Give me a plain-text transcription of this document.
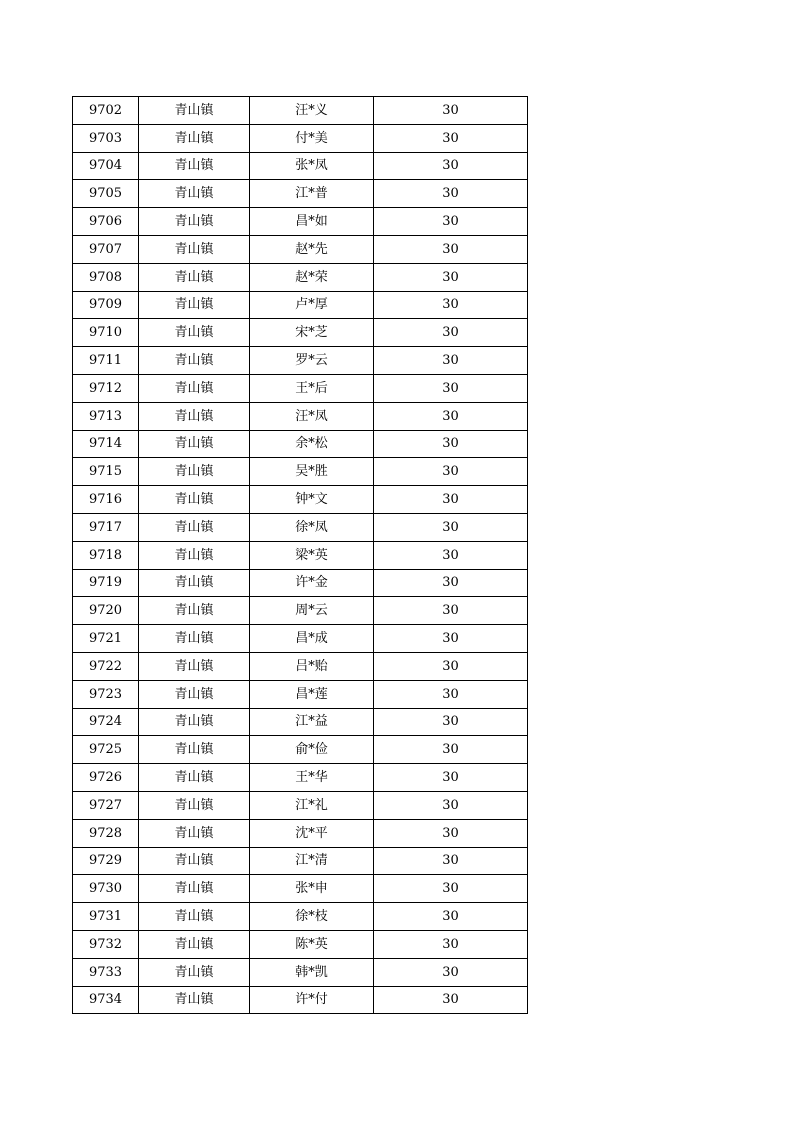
9702	青山镇	汪*义	30
9703	青山镇	付*美	30
9704	青山镇	张*凤	30
9705	青山镇	江*普	30
9706	青山镇	昌*如	30
9707	青山镇	赵*先	30
9708	青山镇	赵*荣	30
9709	青山镇	卢*厚	30
9710	青山镇	宋*芝	30
9711	青山镇	罗*云	30
9712	青山镇	王*后	30
9713	青山镇	汪*凤	30
9714	青山镇	余*松	30
9715	青山镇	吴*胜	30
9716	青山镇	钟*文	30
9717	青山镇	徐*凤	30
9718	青山镇	梁*英	30
9719	青山镇	许*金	30
9720	青山镇	周*云	30
9721	青山镇	昌*成	30
9722	青山镇	吕*贻	30
9723	青山镇	昌*莲	30
9724	青山镇	江*益	30
9725	青山镇	俞*俭	30
9726	青山镇	王*华	30
9727	青山镇	江*礼	30
9728	青山镇	沈*平	30
9729	青山镇	江*清	30
9730	青山镇	张*申	30
9731	青山镇	徐*枝	30
9732	青山镇	陈*英	30
9733	青山镇	韩*凯	30
9734	青山镇	许*付	30
